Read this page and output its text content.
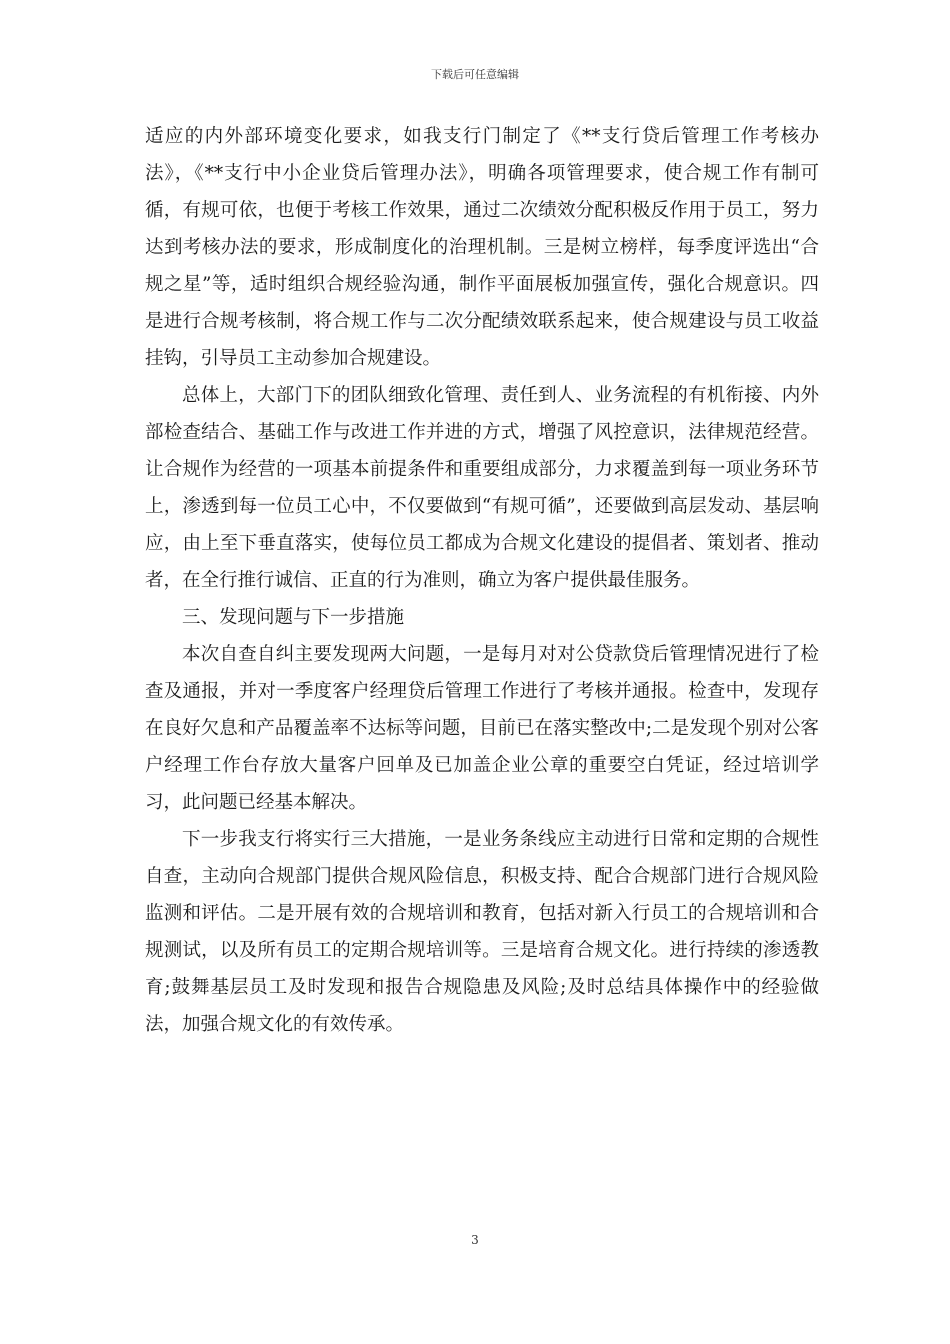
下载后可任意编辑

适应的内外部环境变化要求，如我支行门制定了《**支行贷后管理工作考核办法》，《**支行中小企业贷后管理办法》，明确各项管理要求，使合规工作有制可循，有规可依，也便于考核工作效果，通过二次绩效分配积极反作用于员工，努力达到考核办法的要求，形成制度化的治理机制。三是树立榜样，每季度评选出“合规之星”等，适时组织合规经验沟通，制作平面展板加强宣传，强化合规意识。四是进行合规考核制，将合规工作与二次分配绩效联系起来，使合规建设与员工收益挂钩，引导员工主动参加合规建设。

总体上，大部门下的团队细致化管理、责任到人、业务流程的有机衔接、内外部检查结合、基础工作与改进工作并进的方式，增强了风控意识，法律规范经营。让合规作为经营的一项基本前提条件和重要组成部分，力求覆盖到每一项业务环节上，渗透到每一位员工心中，不仅要做到“有规可循”，还要做到高层发动、基层响应，由上至下垂直落实，使每位员工都成为合规文化建设的提倡者、策划者、推动者，在全行推行诚信、正直的行为准则，确立为客户提供最佳服务。

三、发现问题与下一步措施

本次自查自纠主要发现两大问题，一是每月对对公贷款贷后管理情况进行了检查及通报，并对一季度客户经理贷后管理工作进行了考核并通报。检查中，发现存在良好欠息和产品覆盖率不达标等问题，目前已在落实整改中;二是发现个别对公客户经理工作台存放大量客户回单及已加盖企业公章的重要空白凭证，经过培训学习，此问题已经基本解决。

下一步我支行将实行三大措施，一是业务条线应主动进行日常和定期的合规性自查，主动向合规部门提供合规风险信息，积极支持、配合合规部门进行合规风险监测和评估。二是开展有效的合规培训和教育，包括对新入行员工的合规培训和合规测试，以及所有员工的定期合规培训等。三是培育合规文化。进行持续的渗透教育;鼓舞基层员工及时发现和报告合规隐患及风险;及时总结具体操作中的经验做法，加强合规文化的有效传承。

3
